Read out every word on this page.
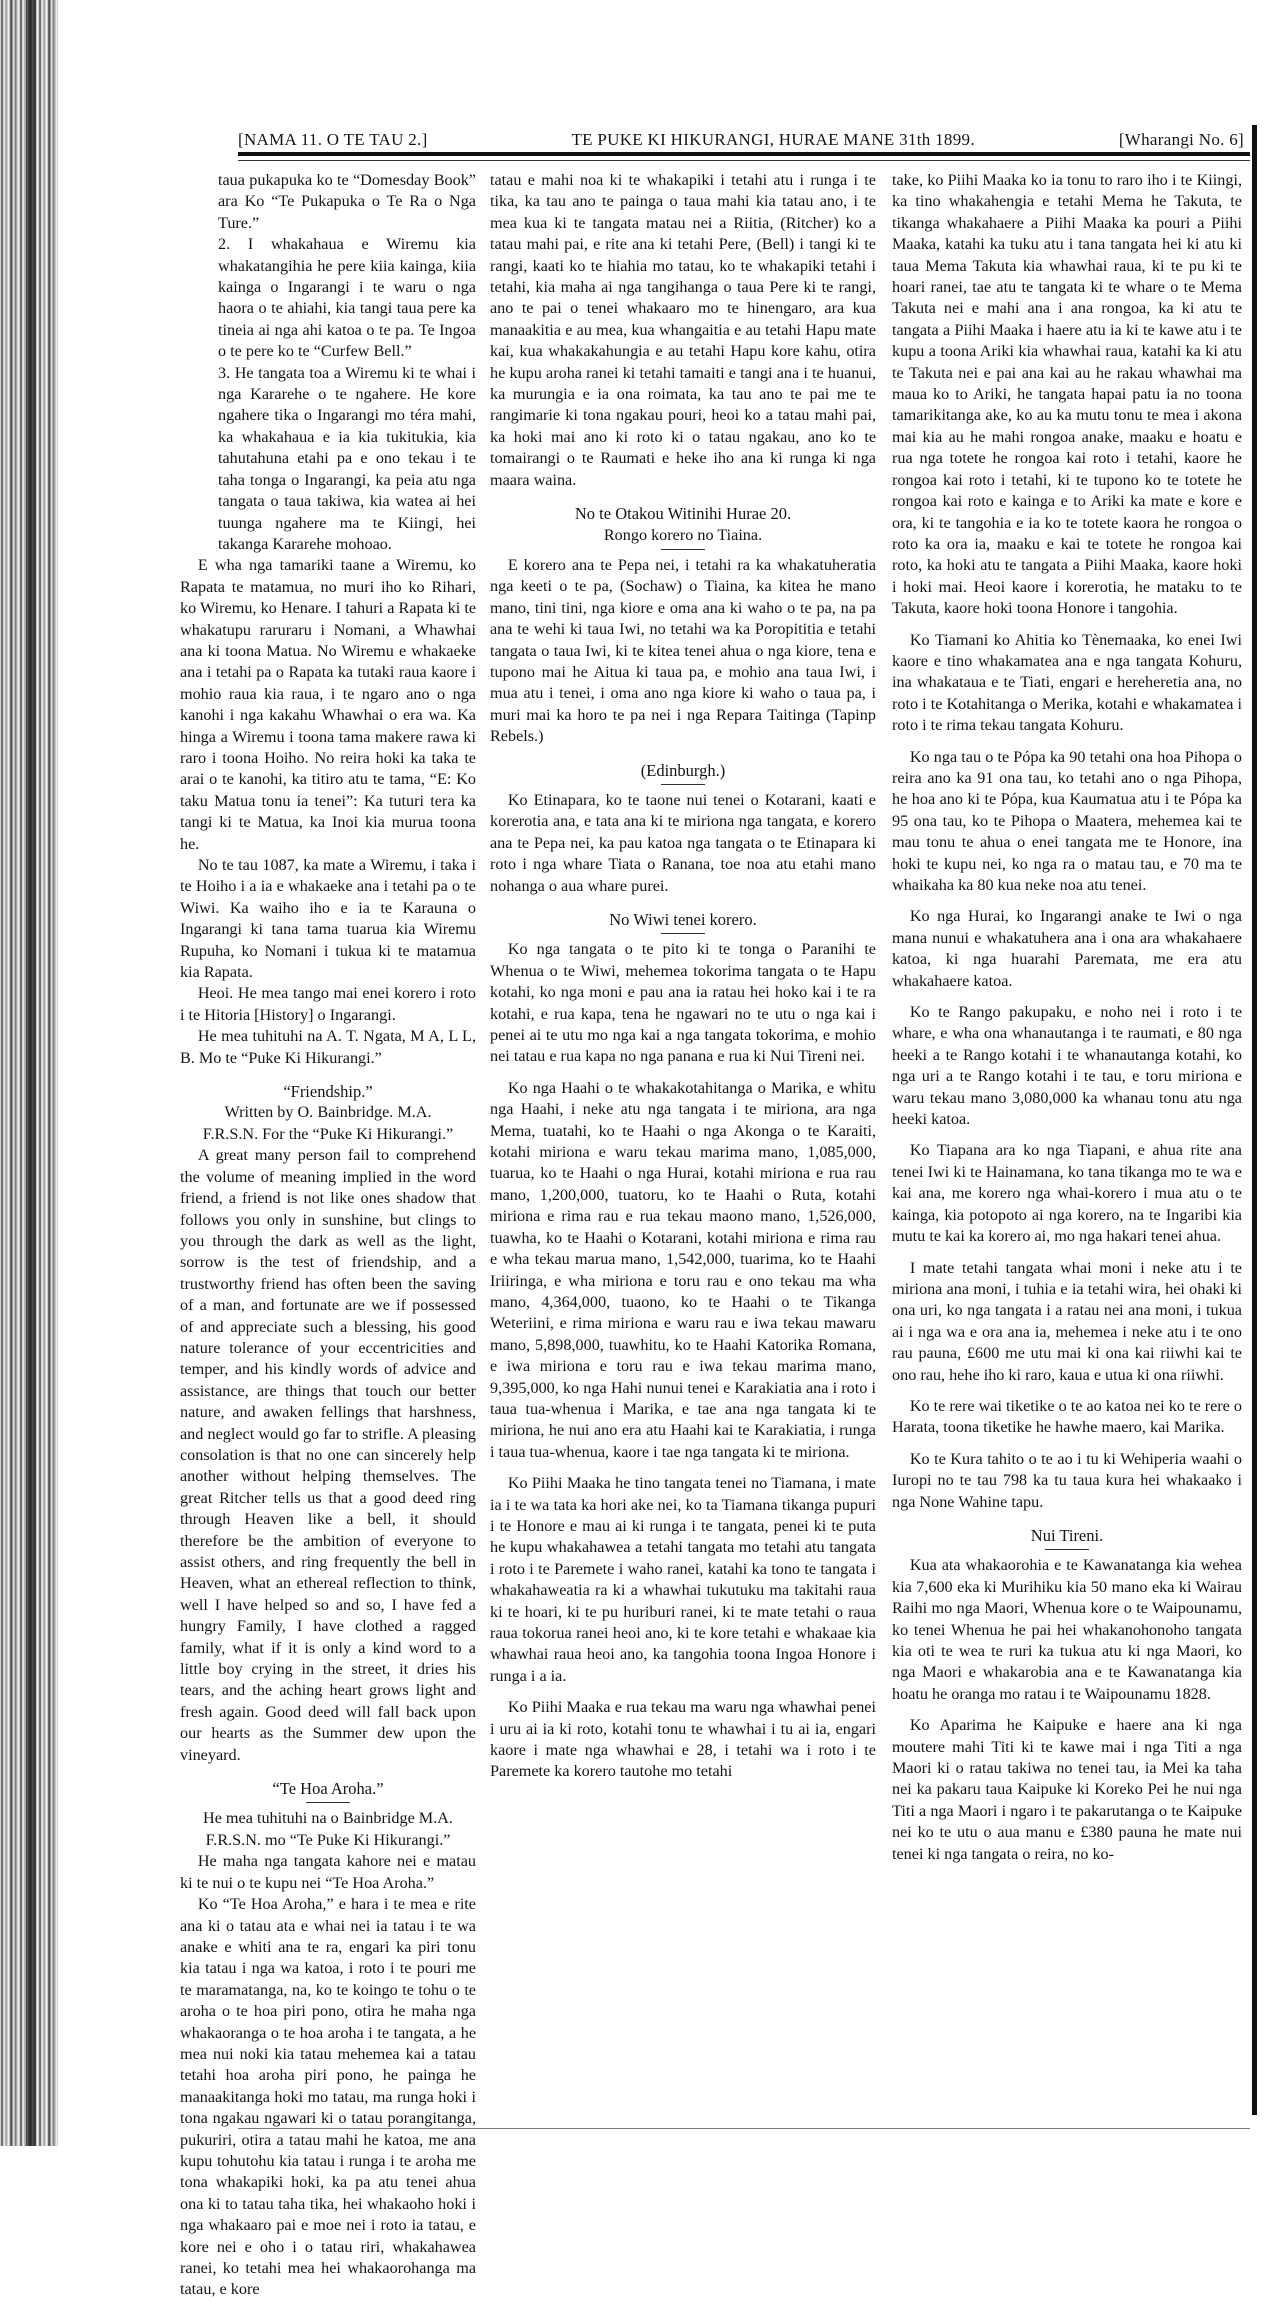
[NAMA 11. O TE TAU 2.]	TE PUKE KI HIKURANGI, HURAE MANE 31th 1899.	[Wharangi No. 6]

taua pukapuka ko te “Domesday Book” ara Ko “Te Pukapuka o Te Ra o Nga Ture.”

2. I whakahaua e Wiremu kia whakatangihia he pere kiia kainga, kiia kainga o Ingarangi i te waru o nga haora o te ahiahi, kia tangi taua pere ka tineia ai nga ahi katoa o te pa. Te Ingoa o te pere ko te “Curfew Bell.”

3. He tangata toa a Wiremu ki te whai i nga Kararehe o te ngahere. He kore ngahere tika o Ingarangi mo téra mahi, ka whakahaua e ia kia tukitukia, kia tahutahuna etahi pa e ono tekau i te taha tonga o Ingarangi, ka peia atu nga tangata o taua takiwa, kia watea ai hei tuunga ngahere ma te Kiingi, hei takanga Kararehe mohoao.

E wha nga tamariki taane a Wiremu, ko Rapata te matamua, no muri iho ko Rihari, ko Wiremu, ko Henare. I tahuri a Rapata ki te whakatupu raruraru i Nomani, a Whawhai ana ki toona Matua. No Wiremu e whakaeke ana i tetahi pa o Rapata ka tutaki raua kaore i mohio raua kia raua, i te ngaro ano o nga kanohi i nga kakahu Whawhai o era wa. Ka hinga a Wiremu i toona tama makere rawa ki raro i toona Hoiho. No reira hoki ka taka te arai o te kanohi, ka titiro atu te tama, “E: Ko taku Matua tonu ia tenei”: Ka tuturi tera ka tangi ki te Matua, ka Inoi kia murua toona he.

No te tau 1087, ka mate a Wiremu, i taka i te Hoiho i a ia e whakaeke ana i tetahi pa o te Wiwi. Ka waiho iho e ia te Karauna o Ingarangi ki tana tama tuarua kia Wiremu Rupuha, ko Nomani i tukua ki te matamua kia Rapata.

Heoi. He mea tango mai enei korero i roto i te Hitoria [History] o Ingarangi.

He mea tuhituhi na A. T. Ngata, M A, L L, B. Mo te “Puke Ki Hikurangi.”

“Friendship.”

Written by O. Bainbridge. M.A.

F.R.S.N. For the “Puke Ki Hikurangi.”

A great many person fail to comprehend the volume of meaning implied in the word friend, a friend is not like ones shadow that follows you only in sunshine, but clings to you through the dark as well as the light, sorrow is the test of friendship, and a trustworthy friend has often been the saving of a man, and fortunate are we if possessed of and appreciate such a blessing, his good nature tolerance of your eccentricities and temper, and his kindly words of advice and assistance, are things that touch our better nature, and awaken fellings that harshness, and neglect would go far to strifle. A pleasing consolation is that no one can sincerely help another without helping themselves. The great Ritcher tells us that a good deed ring through Heaven like a bell, it should therefore be the ambition of everyone to assist others, and ring frequently the bell in Heaven, what an ethereal reflection to think, well I have helped so and so, I have fed a hungry Family, I have clothed a ragged family, what if it is only a kind word to a little boy crying in the street, it dries his tears, and the aching heart grows light and fresh again. Good deed will fall back upon our hearts as the Summer dew upon the vineyard.

“Te Hoa Aroha.”

He mea tuhituhi na o Bainbridge M.A.

F.R.S.N. mo “Te Puke Ki Hikurangi.”

He maha nga tangata kahore nei e matau ki te nui o te kupu nei “Te Hoa Aroha.”

Ko “Te Hoa Aroha,” e hara i te mea e rite ana ki o tatau ata e whai nei ia tatau i te wa anake e whiti ana te ra, engari ka piri tonu kia tatau i nga wa katoa, i roto i te pouri me te maramatanga, na, ko te koingo te tohu o te aroha o te hoa piri pono, otira he maha nga whakaoranga o te hoa aroha i te tangata, a he mea nui noki kia tatau mehemea kai a tatau tetahi hoa aroha piri pono, he painga he manaakitanga hoki mo tatau, ma runga hoki i tona ngakau ngawari ki o tatau porangitanga, pukuriri, otira a tatau mahi he katoa, me ana kupu tohutohu kia tatau i runga i te aroha me tona whakapiki hoki, ka pa atu tenei ahua ona ki to tatau taha tika, hei whakaoho hoki i nga whakaaro pai e moe nei i roto ia tatau, e kore nei e oho i o tatau riri, whakahawea ranei, ko tetahi mea hei whakaorohanga ma tatau, e kore

tatau e mahi noa ki te whakapiki i tetahi atu i runga i te tika, ka tau ano te painga o taua mahi kia tatau ano, i te mea kua ki te tangata matau nei a Riitia, (Ritcher) ko a tatau mahi pai, e rite ana ki tetahi Pere, (Bell) i tangi ki te rangi, kaati ko te hiahia mo tatau, ko te whakapiki tetahi i tetahi, kia maha ai nga tangihanga o taua Pere ki te rangi, ano te pai o tenei whakaaro mo te hinengaro, ara kua manaakitia e au mea, kua whangaitia e au tetahi Hapu mate kai, kua whakakahungia e au tetahi Hapu kore kahu, otira he kupu aroha ranei ki tetahi tamaiti e tangi ana i te huanui, ka murungia e ia ona roimata, ka tau ano te pai me te rangimarie ki tona ngakau pouri, heoi ko a tatau mahi pai, ka hoki mai ano ki roto ki o tatau ngakau, ano ko te tomairangi o te Raumati e heke iho ana ki runga ki nga maara waina.

No te Otakou Witinihi Hurae 20.

Rongo korero no Tiaina.

E korero ana te Pepa nei, i tetahi ra ka whakatuheratia nga keeti o te pa, (Sochaw) o Tiaina, ka kitea he mano mano, tini tini, nga kiore e oma ana ki waho o te pa, na pa ana te wehi ki taua Iwi, no tetahi wa ka Poropititia e tetahi tangata o taua Iwi, ki te kitea tenei ahua o nga kiore, tena e tupono mai he Aitua ki taua pa, e mohio ana taua Iwi, i mua atu i tenei, i oma ano nga kiore ki waho o taua pa, i muri mai ka horo te pa nei i nga Repara Taitinga (Tapinp Rebels.)

(Edinburgh.)

Ko Etinapara, ko te taone nui tenei o Kotarani, kaati e korerotia ana, e tata ana ki te miriona nga tangata, e korero ana te Pepa nei, ka pau katoa nga tangata o te Etinapara ki roto i nga whare Tiata o Ranana, toe noa atu etahi mano nohanga o aua whare purei.

No Wiwi tenei korero.

Ko nga tangata o te pito ki te tonga o Paranihi te Whenua o te Wiwi, mehemea tokorima tangata o te Hapu kotahi, ko nga moni e pau ana ia ratau hei hoko kai i te ra kotahi, e rua kapa, tena he ngawari no te utu o nga kai i penei ai te utu mo nga kai a nga tangata tokorima, e mohio nei tatau e rua kapa no nga panana e rua ki Nui Tireni nei.

Ko nga Haahi o te whakakotahitanga o Marika, e whitu nga Haahi, i neke atu nga tangata i te miriona, ara nga Mema, tuatahi, ko te Haahi o nga Akonga o te Karaiti, kotahi miriona e waru tekau marima mano, 1,085,000, tuarua, ko te Haahi o nga Hurai, kotahi miriona e rua rau mano, 1,200,000, tuatoru, ko te Haahi o Ruta, kotahi miriona e rima rau e rua tekau maono mano, 1,526,000, tuawha, ko te Haahi o Kotarani, kotahi miriona e rima rau e wha tekau marua mano, 1,542,000, tuarima, ko te Haahi Iriiringa, e wha miriona e toru rau e ono tekau ma wha mano, 4,364,000, tuaono, ko te Haahi o te Tikanga Weteriini, e rima miriona e waru rau e iwa tekau mawaru mano, 5,898,000, tuawhitu, ko te Haahi Katorika Romana, e iwa miriona e toru rau e iwa tekau marima mano, 9,395,000, ko nga Hahi nunui tenei e Karakiatia ana i roto i taua tua-whenua i Marika, e tae ana nga tangata ki te miriona, he nui ano era atu Haahi kai te Karakiatia, i runga i taua tua-whenua, kaore i tae nga tangata ki te miriona.

Ko Piihi Maaka he tino tangata tenei no Tiamana, i mate ia i te wa tata ka hori ake nei, ko ta Tiamana tikanga pupuri i te Honore e mau ai ki runga i te tangata, penei ki te puta he kupu whakahawea a tetahi tangata mo tetahi atu tangata i roto i te Paremete i waho ranei, katahi ka tono te tangata i whakahaweatia ra ki a whawhai tukutuku ma takitahi raua ki te hoari, ki te pu huriburi ranei, ki te mate tetahi o raua raua tokorua ranei heoi ano, ki te kore tetahi e whakaae kia whawhai raua heoi ano, ka tangohia toona Ingoa Honore i runga i a ia.

Ko Piihi Maaka e rua tekau ma waru nga whawhai penei i uru ai ia ki roto, kotahi tonu te whawhai i tu ai ia, engari kaore i mate nga whawhai e 28, i tetahi wa i roto i te Paremete ka korero tautohe mo tetahi

take, ko Piihi Maaka ko ia tonu to raro iho i te Kiingi, ka tino whakahengia e tetahi Mema he Takuta, te tikanga whakahaere a Piihi Maaka ka pouri a Piihi Maaka, katahi ka tuku atu i tana tangata hei ki atu ki taua Mema Takuta kia whawhai raua, ki te pu ki te hoari ranei, tae atu te tangata ki te whare o te Mema Takuta nei e mahi ana i ana rongoa, ka ki atu te tangata a Piihi Maaka i haere atu ia ki te kawe atu i te kupu a toona Ariki kia whawhai raua, katahi ka ki atu te Takuta nei e pai ana kai au he rakau whawhai ma maua ko to Ariki, he tangata hapai patu ia no toona tamarikitanga ake, ko au ka mutu tonu te mea i akona mai kia au he mahi rongoa anake, maaku e hoatu e rua nga totete he rongoa kai roto i tetahi, kaore he rongoa kai roto i tetahi, ki te tupono ko te totete he rongoa kai roto e kainga e to Ariki ka mate e kore e ora, ki te tangohia e ia ko te totete kaora he rongoa o roto ka ora ia, maaku e kai te totete he rongoa kai roto, ka hoki atu te tangata a Piihi Maaka, kaore hoki i hoki mai. Heoi kaore i korerotia, he mataku to te Takuta, kaore hoki toona Honore i tangohia.

Ko Tiamani ko Ahitia ko Tènemaaka, ko enei Iwi kaore e tino whakamatea ana e nga tangata Kohuru, ina whakataua e te Tiati, engari e hereheretia ana, no roto i te Kotahitanga o Merika, kotahi e whakamatea i roto i te rima tekau tangata Kohuru.

Ko nga tau o te Pópa ka 90 tetahi ona hoa Pihopa o reira ano ka 91 ona tau, ko tetahi ano o nga Pihopa, he hoa ano ki te Pópa, kua Kaumatua atu i te Pópa ka 95 ona tau, ko te Pihopa o Maatera, mehemea kai te mau tonu te ahua o enei tangata me te Honore, ina hoki te kupu nei, ko nga ra o matau tau, e 70 ma te whaikaha ka 80 kua neke noa atu tenei.

Ko nga Hurai, ko Ingarangi anake te Iwi o nga mana nunui e whakatuhera ana i ona ara whakahaere katoa, ki nga huarahi Paremata, me era atu whakahaere katoa.

Ko te Rango pakupaku, e noho nei i roto i te whare, e wha ona whanautanga i te raumati, e 80 nga heeki a te Rango kotahi i te whanautanga kotahi, ko nga uri a te Rango kotahi i te tau, e toru miriona e waru tekau mano 3,080,000 ka whanau tonu atu nga heeki katoa.

Ko Tiapana ara ko nga Tiapani, e ahua rite ana tenei Iwi ki te Hainamana, ko tana tikanga mo te wa e kai ana, me korero nga whai-korero i mua atu o te kainga, kia potopoto ai nga korero, na te Ingaribi kia mutu te kai ka korero ai, mo nga hakari tenei ahua.

I mate tetahi tangata whai moni i neke atu i te miriona ana moni, i tuhia e ia tetahi wira, hei ohaki ki ona uri, ko nga tangata i a ratau nei ana moni, i tukua ai i nga wa e ora ana ia, mehemea i neke atu i te ono rau pauna, £600 me utu mai ki ona kai riiwhi kai te ono rau, hehe iho ki raro, kaua e utua ki ona riiwhi.

Ko te rere wai tiketike o te ao katoa nei ko te rere o Harata, toona tiketike he hawhe maero, kai Marika.

Ko te Kura tahito o te ao i tu ki Wehiperia waahi o Iuropi no te tau 798 ka tu taua kura hei whakaako i nga None Wahine tapu.

Nui Tireni.

Kua ata whakaorohia e te Kawanatanga kia wehea kia 7,600 eka ki Murihiku kia 50 mano eka ki Wairau Raihi mo nga Maori, Whenua kore o te Waipounamu, ko tenei Whenua he pai hei whakanohonoho tangata kia oti te wea te ruri ka tukua atu ki nga Maori, ko nga Maori e whakarobia ana e te Kawanatanga kia hoatu he oranga mo ratau i te Waipounamu 1828.

Ko Aparima he Kaipuke e haere ana ki nga moutere mahi Titi ki te kawe mai i nga Titi a nga Maori ki o ratau takiwa no tenei tau, ia Mei ka taha nei ka pakaru taua Kaipuke ki Koreko Pei he nui nga Titi a nga Maori i ngaro i te pakarutanga o te Kaipuke nei ko te utu o aua manu e £380 pauna he mate nui tenei ki nga tangata o reira, no ko-
